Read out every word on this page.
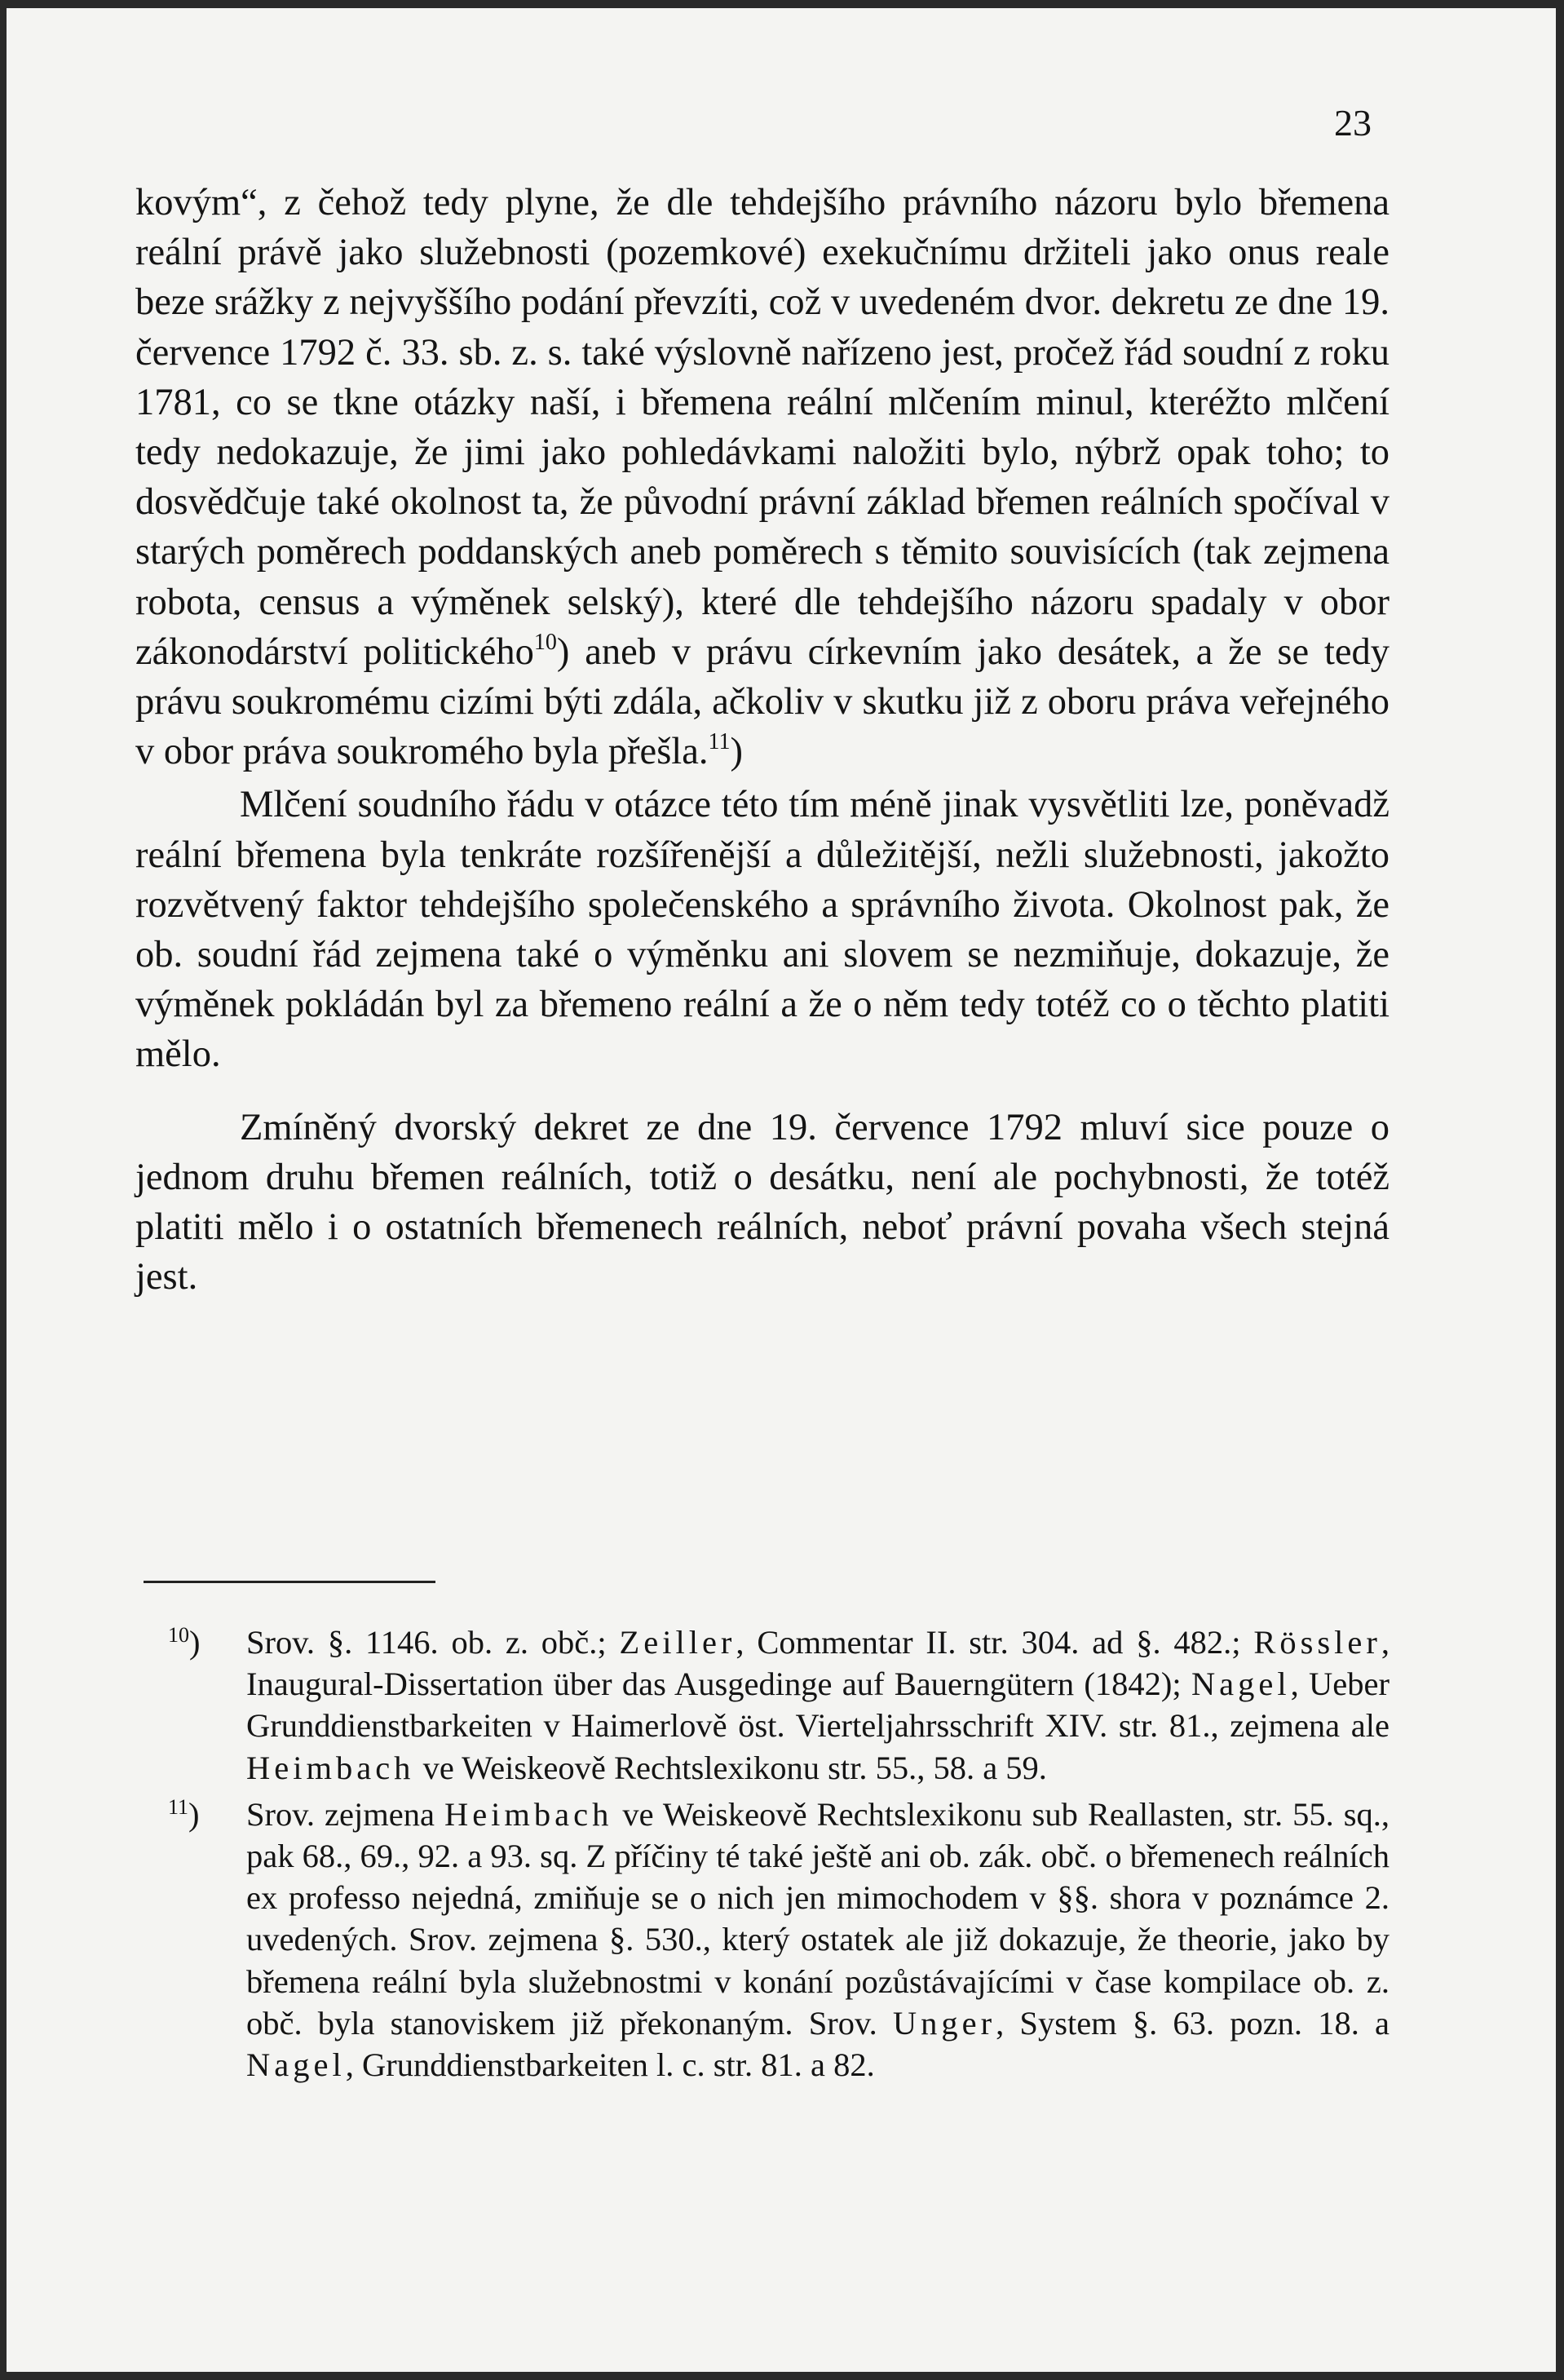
23

kovým“, z čehož tedy plyne, že dle tehdejšího právního názoru bylo břemena reální právě jako služebnosti (pozemkové) exekučnímu držiteli jako onus reale beze srážky z nejvyššího podání převzíti, což v uvedeném dvor. dekretu ze dne 19. července 1792 č. 33. sb. z. s. také výslovně nařízeno jest, pročež řád soudní z roku 1781, co se tkne otázky naší, i břemena reální mlčením minul, kteréžto mlčení tedy nedokazuje, že jimi jako pohledávkami naložiti bylo, nýbrž opak toho; to dosvědčuje také okolnost ta, že původní právní základ břemen reálních spočíval v starých poměrech poddanských aneb poměrech s těmito souvisících (tak zejmena robota, census a výměnek selský), které dle tehdejšího názoru spadaly v obor zákonodárství politického$^{10}$) aneb v právu církevním jako desátek, a že se tedy právu soukromému cizími býti zdála, ačkoliv v skutku již z oboru práva veřejného v obor práva soukromého byla přešla.$^{11}$)

Mlčení soudního řádu v otázce této tím méně jinak vysvětliti lze, poněvadž reální břemena byla tenkráte rozšířenější a důležitější, nežli služebnosti, jakožto rozvětvený faktor tehdejšího společenského a správního života. Okolnost pak, že ob. soudní řád zejmena také o výměnku ani slovem se nezmiňuje, dokazuje, že výměnek pokládán byl za břemeno reální a že o něm tedy totéž co o těchto platiti mělo.

Zmíněný dvorský dekret ze dne 19. července 1792 mluví sice pouze o jednom druhu břemen reálních, totiž o desátku, není ale pochybnosti, že totéž platiti mělo i o ostatních břemenech reálních, neboť právní povaha všech stejná jest.

$^{10}$) Srov. §. 1146. ob. z. obč.; Zeiller, Commentar II. str. 304. ad §. 482.; Rössler, Inaugural-Dissertation über das Ausgedinge auf Bauerngütern (1842); Nagel, Ueber Grunddienstbarkeiten v Haimerlově öst. Vierteljahrsschrift XIV. str. 81., zejmena ale Heimbach ve Weiskeově Rechtslexikonu str. 55., 58. a 59.
$^{11}$) Srov. zejmena Heimbach ve Weiskeově Rechtslexikonu sub Reallasten, str. 55. sq., pak 68., 69., 92. a 93. sq. Z příčiny té také ještě ani ob. zák. obč. o břemenech reálních ex professo nejedná, zmiňuje se o nich jen mimochodem v §§. shora v poznámce 2. uvedených. Srov. zejmena §. 530., který ostatek ale již dokazuje, že theorie, jako by břemena reální byla služebnostmi v konání pozůstávajícími v čase kompilace ob. z. obč. byla stanoviskem již překonaným. Srov. Unger, System §. 63. pozn. 18. a Nagel, Grunddienstbarkeiten l. c. str. 81. a 82.
